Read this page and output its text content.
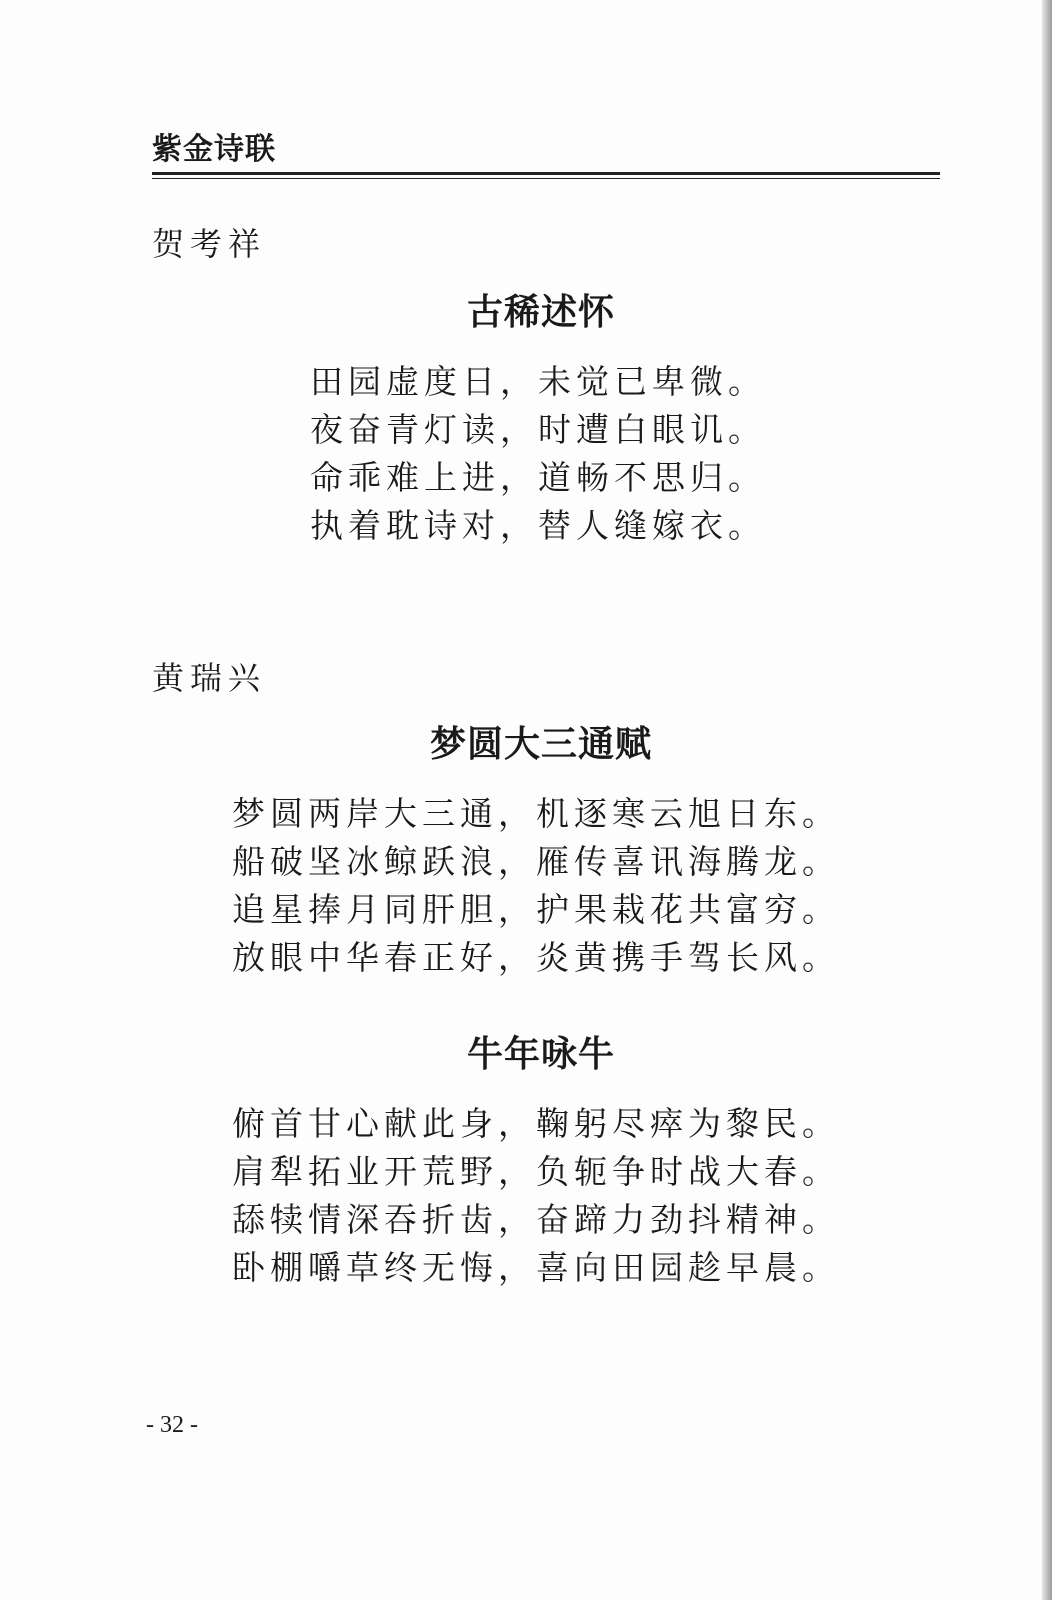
紫金诗联
贺考祥
古稀述怀
田园虚度日，未觉已卑微。
夜奋青灯读，时遭白眼讥。
命乖难上进，道畅不思归。
执着耽诗对，替人缝嫁衣。
黄瑞兴
梦圆大三通赋
梦圆两岸大三通，机逐寒云旭日东。
船破坚冰鲸跃浪，雁传喜讯海腾龙。
追星捧月同肝胆，护果栽花共富穷。
放眼中华春正好，炎黄携手驾长风。
牛年咏牛
俯首甘心献此身，鞠躬尽瘁为黎民。
肩犁拓业开荒野，负轭争时战大春。
舔犊情深吞折齿，奋蹄力劲抖精神。
卧棚嚼草终无悔，喜向田园趁早晨。
- 32 -
